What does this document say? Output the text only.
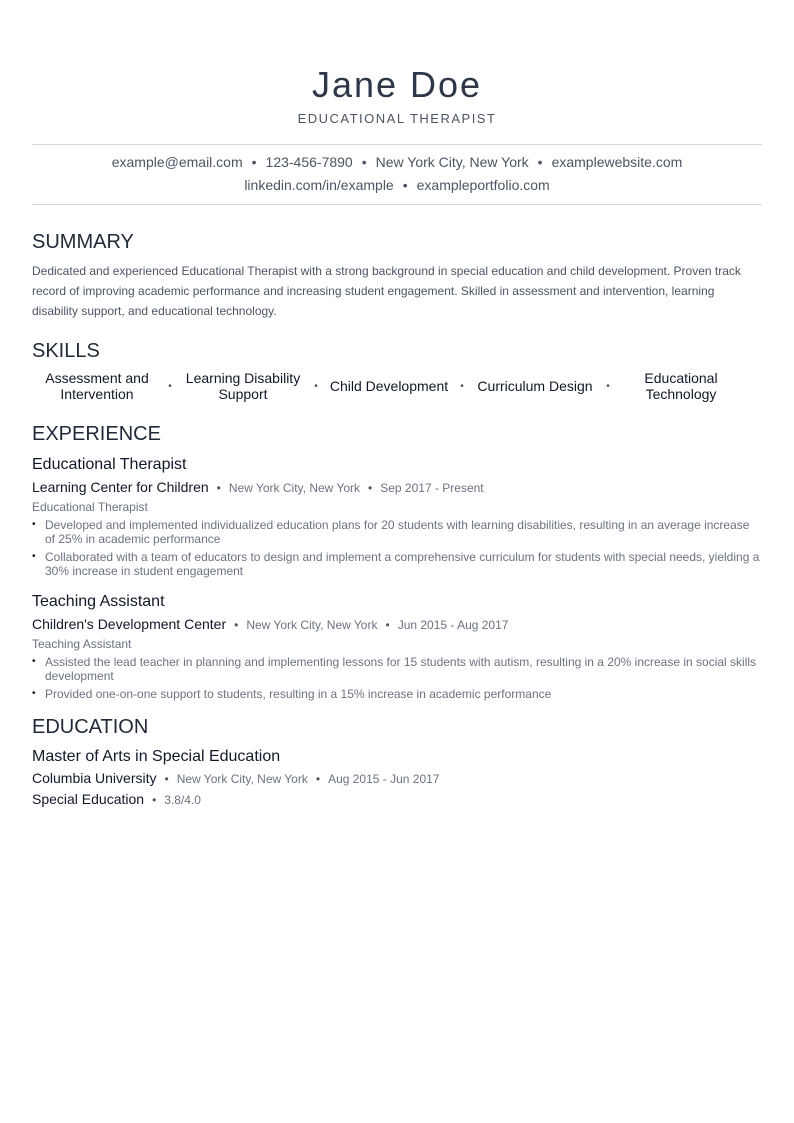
Jane Doe
EDUCATIONAL THERAPIST
example@email.com • 123-456-7890 • New York City, New York • examplewebsite.com
linkedin.com/in/example • exampleportfolio.com
SUMMARY
Dedicated and experienced Educational Therapist with a strong background in special education and child development. Proven track record of improving academic performance and increasing student engagement. Skilled in assessment and intervention, learning disability support, and educational technology.
SKILLS
Assessment and Intervention	•	Learning Disability Support	• Child Development	• Curriculum Design	•	Educational Technology
EXPERIENCE
Educational Therapist
Learning Center for Children • New York City, New York • Sep 2017 - Present
Educational Therapist
• Developed and implemented individualized education plans for 20 students with learning disabilities, resulting in an average increase of 25% in academic performance
• Collaborated with a team of educators to design and implement a comprehensive curriculum for students with special needs, yielding a 30% increase in student engagement
Teaching Assistant
Children's Development Center • New York City, New York • Jun 2015 - Aug 2017
Teaching Assistant
• Assisted the lead teacher in planning and implementing lessons for 15 students with autism, resulting in a 20% increase in social skills development
• Provided one-on-one support to students, resulting in a 15% increase in academic performance
EDUCATION
Master of Arts in Special Education
Columbia University • New York City, New York • Aug 2015 - Jun 2017
Special Education • 3.8/4.0
